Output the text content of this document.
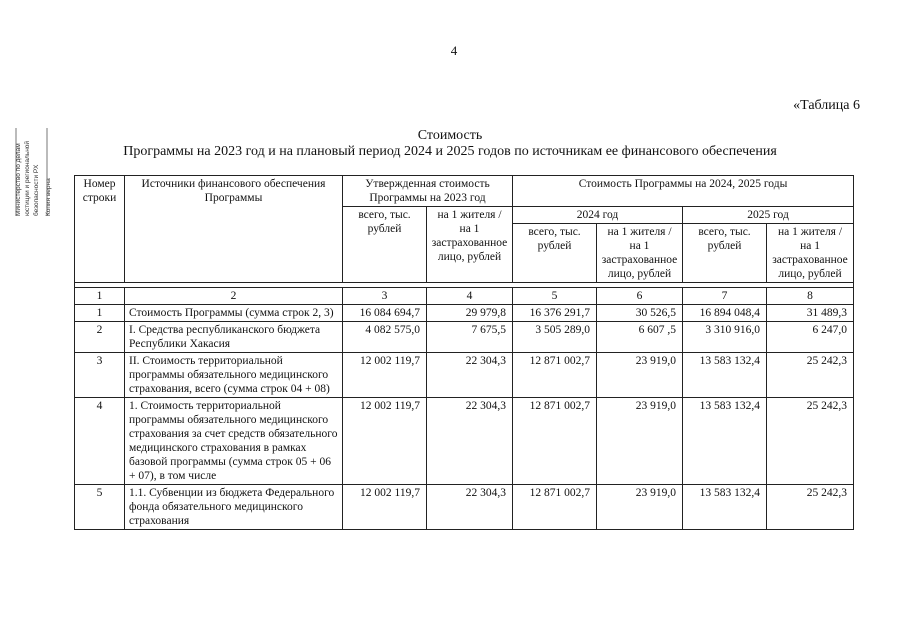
4
«Таблица 6
Министерство по делам юстиции и региональной безопасности РХ Копия верна
Стоимость
Программы на 2023 год и на плановый период 2024 и 2025 годов по источникам ее финансового обеспечения
Номер строки	Источники финансового обеспечения Программы	Утвержденная стоимость Программы на 2023 год		Стоимость Программы на 2024, 2025 годы			
		всего, тыс. рублей	на 1 жителя / на 1 застрахованное лицо, рублей	2024 год		2025 год	
				всего, тыс. рублей	на 1 жителя / на 1 застрахованное лицо, рублей	всего, тыс. рублей	на 1 жителя / на 1 застрахованное лицо, рублей

1	2	3	4	5	6	7	8
1	Стоимость Программы (сумма строк 2, 3)	16 084 694,7	29 979,8	16 376 291,7	30 526,5	16 894 048,4	31 489,3
2	I. Средства республиканского бюджета Республики Хакасия	4 082 575,0	7 675,5	3 505 289,0	6 607 ,5	3 310 916,0	6 247,0
3	II. Стоимость территориальной программы обязательного медицинского страхования, всего (сумма строк 04 + 08)	12 002 119,7	22 304,3	12 871 002,7	23 919,0	13 583 132,4	25 242,3
4	1. Стоимость территориальной программы обязательного медицинского страхования за счет средств обязательного медицинского страхования в рамках базовой программы (сумма строк 05 + 06 + 07), в том числе	12 002 119,7	22 304,3	12 871 002,7	23 919,0	13 583 132,4	25 242,3
5	1.1. Субвенции из бюджета Федерального фонда обязательного медицинского страхования	12 002 119,7	22 304,3	12 871 002,7	23 919,0	13 583 132,4	25 242,3
